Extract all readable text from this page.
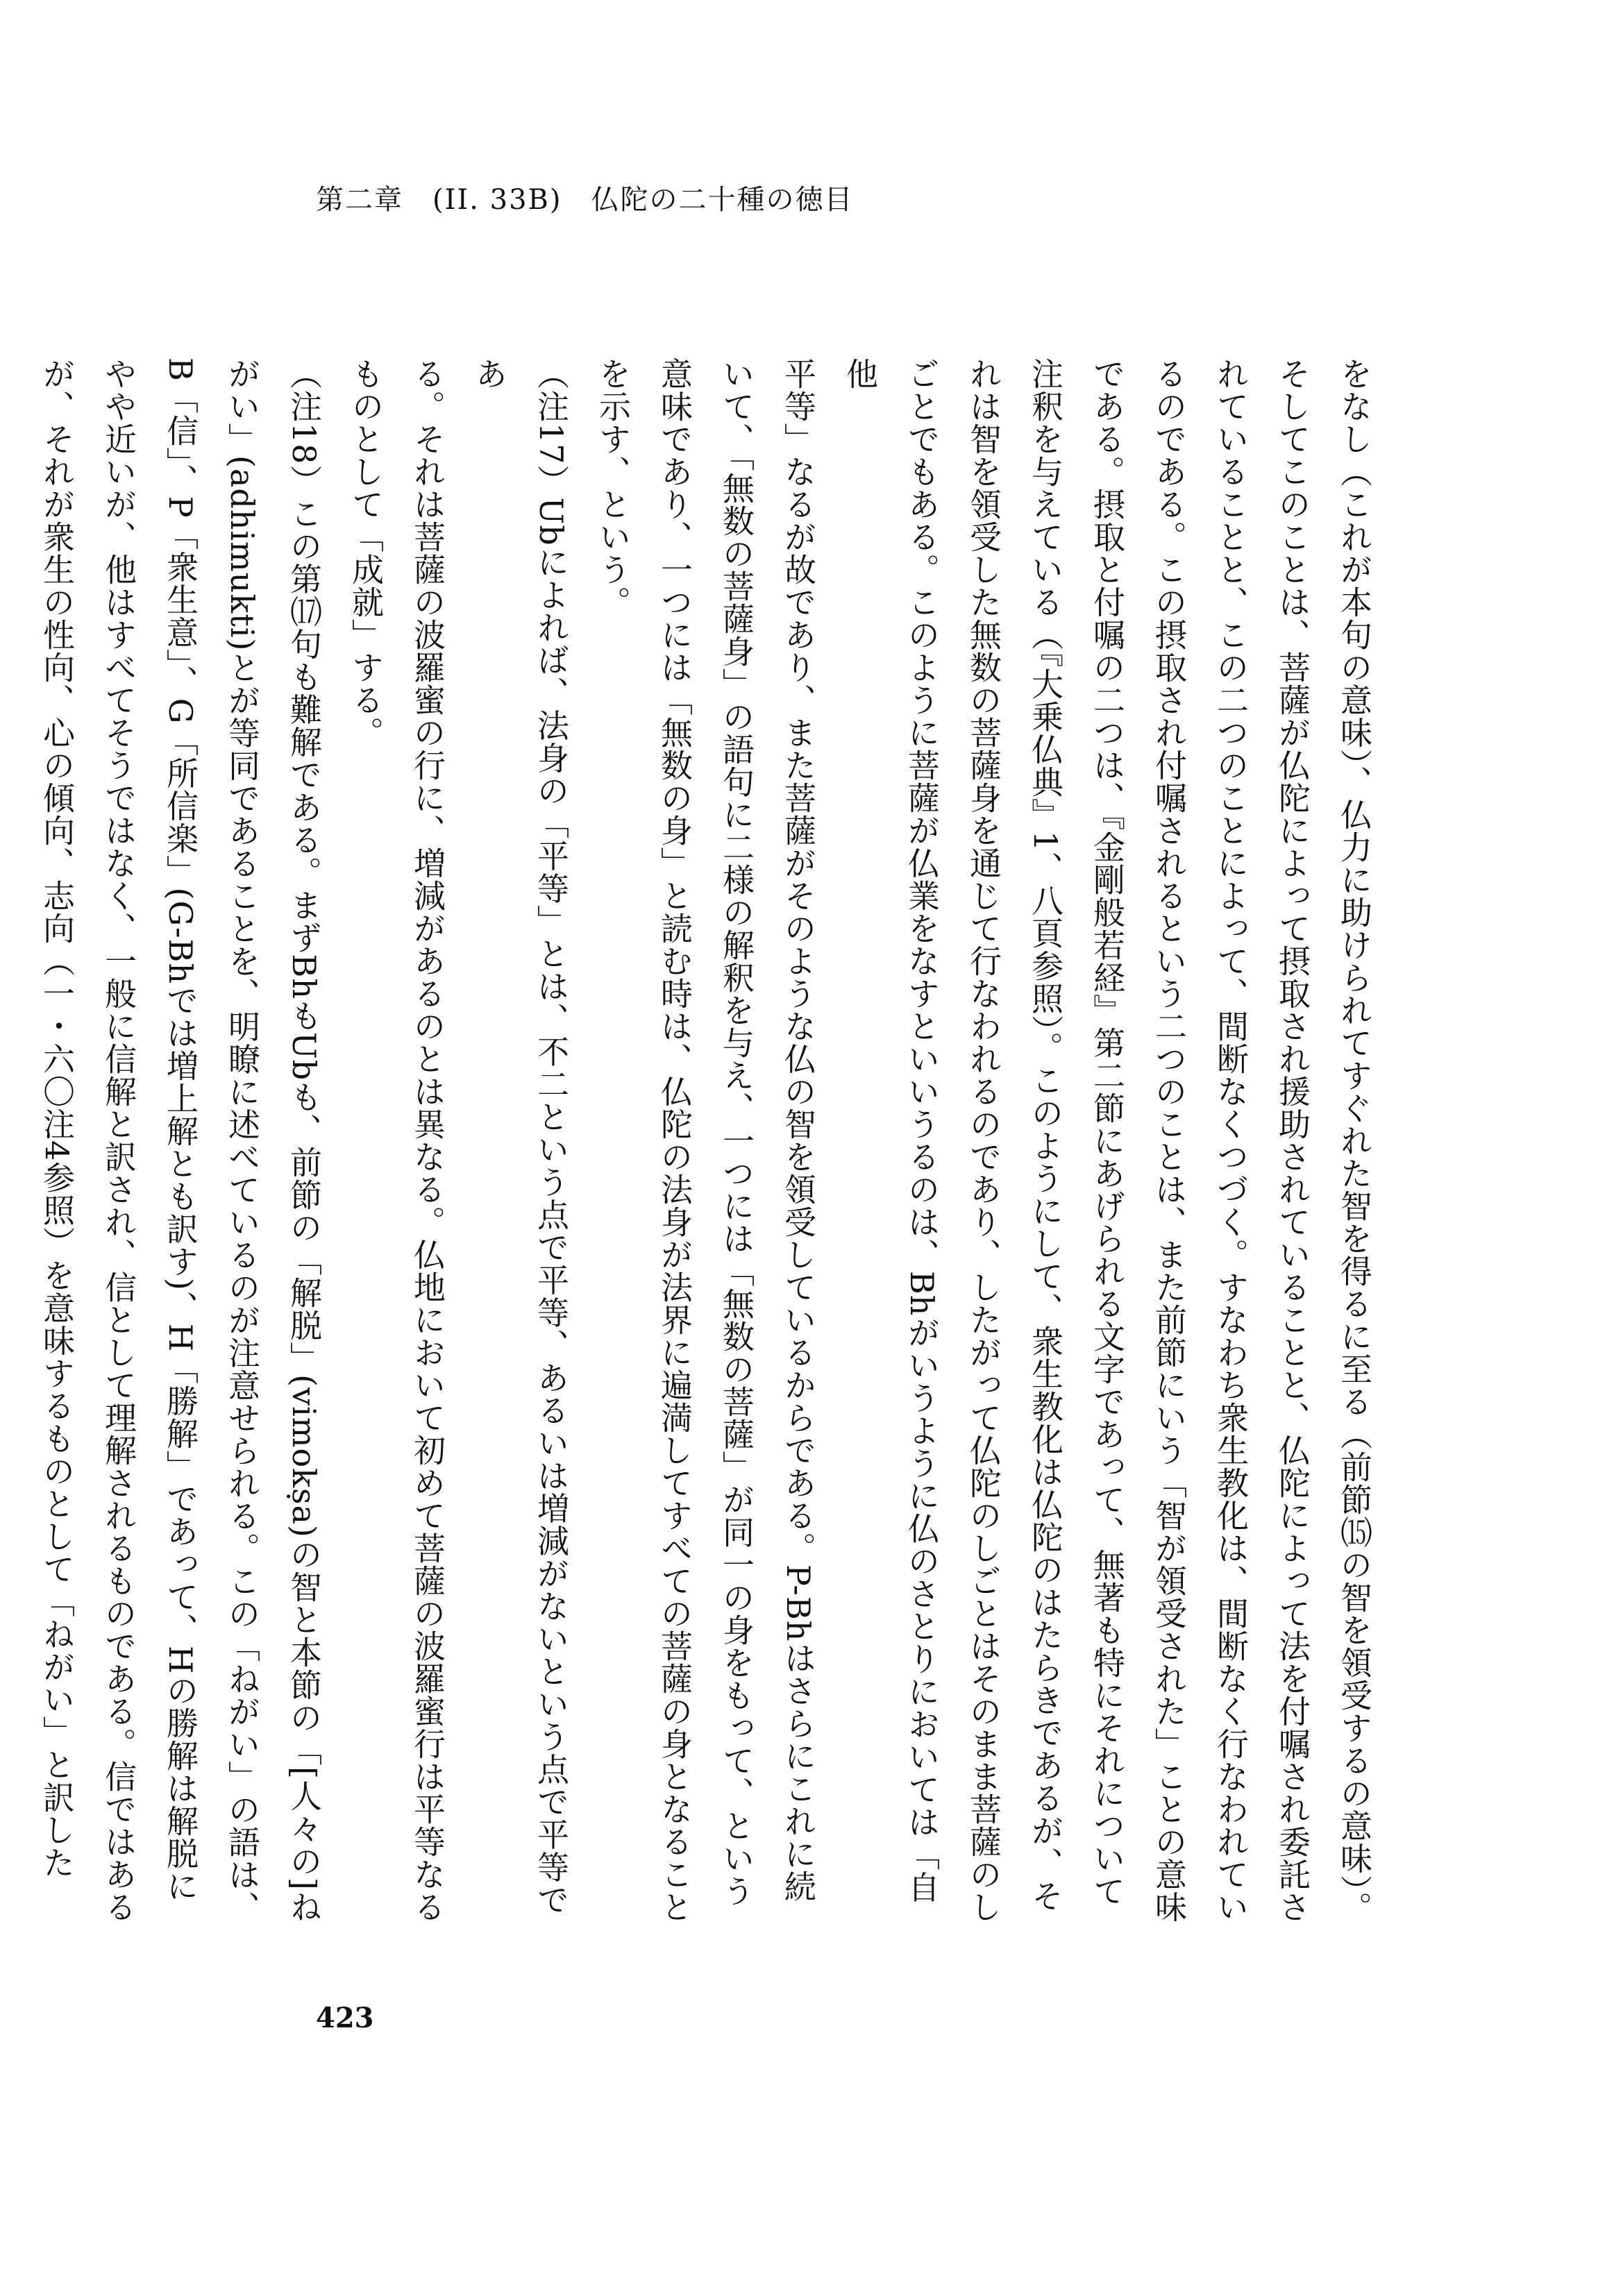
第二章　(II. 33B)　仏陀の二十種の徳目

をなし（これが本句の意味）、仏力に助けられてすぐれた智を得るに至る（前節⒂の智を領受するの意味）。
そしてこのことは、菩薩が仏陀によって摂取され援助されていることと、仏陀によって法を付嘱され委託さ
れていることと、この二つのことによって、間断なくつづく。すなわち衆生教化は、間断なく行なわれてい
るのである。この摂取され付嘱されるという二つのことは、また前節にいう「智が領受された」ことの意味
である。摂取と付嘱の二つは、『金剛般若経』第二節にあげられる文字であって、無著も特にそれについて
注釈を与えている（『大乗仏典』1、八頁参照）。このようにして、衆生教化は仏陀のはたらきであるが、そ
れは智を領受した無数の菩薩身を通じて行なわれるのであり、したがって仏陀のしごとはそのまま菩薩のし
ごとでもある。このように菩薩が仏業をなすといいうるのは、Bhがいうように仏のさとりにおいては「自他
平等」なるが故であり、また菩薩がそのような仏の智を領受しているからである。P-Bhはさらにこれに続
いて、「無数の菩薩身」の語句に二様の解釈を与え、一つには「無数の菩薩」が同一の身をもって、という
意味であり、一つには「無数の身」と読む時は、仏陀の法身が法界に遍満してすべての菩薩の身となること
を示す、という。

（注17）Ubによれば、法身の「平等」とは、不二という点で平等、あるいは増減がないという点で平等であ
る。それは菩薩の波羅蜜の行に、増減があるのとは異なる。仏地において初めて菩薩の波羅蜜行は平等なる
ものとして「成就」する。

（注18）この第⒄句も難解である。まずBhもUbも、前節の「解脱」(vimokṣa)の智と本節の「[人々の]ね
がい」(adhimukti)とが等同であることを、明瞭に述べているのが注意せられる。この「ねがい」の語は、
B「信」、P「衆生意」、G「所信楽」(G-Bhでは増上解とも訳す)、H「勝解」であって、Hの勝解は解脱に
やや近いが、他はすべてそうではなく、一般に信解と訳され、信として理解されるものである。信ではある
が、それが衆生の性向、心の傾向、志向（一・六〇注4参照）を意味するものとして「ねがい」と訳した

423
